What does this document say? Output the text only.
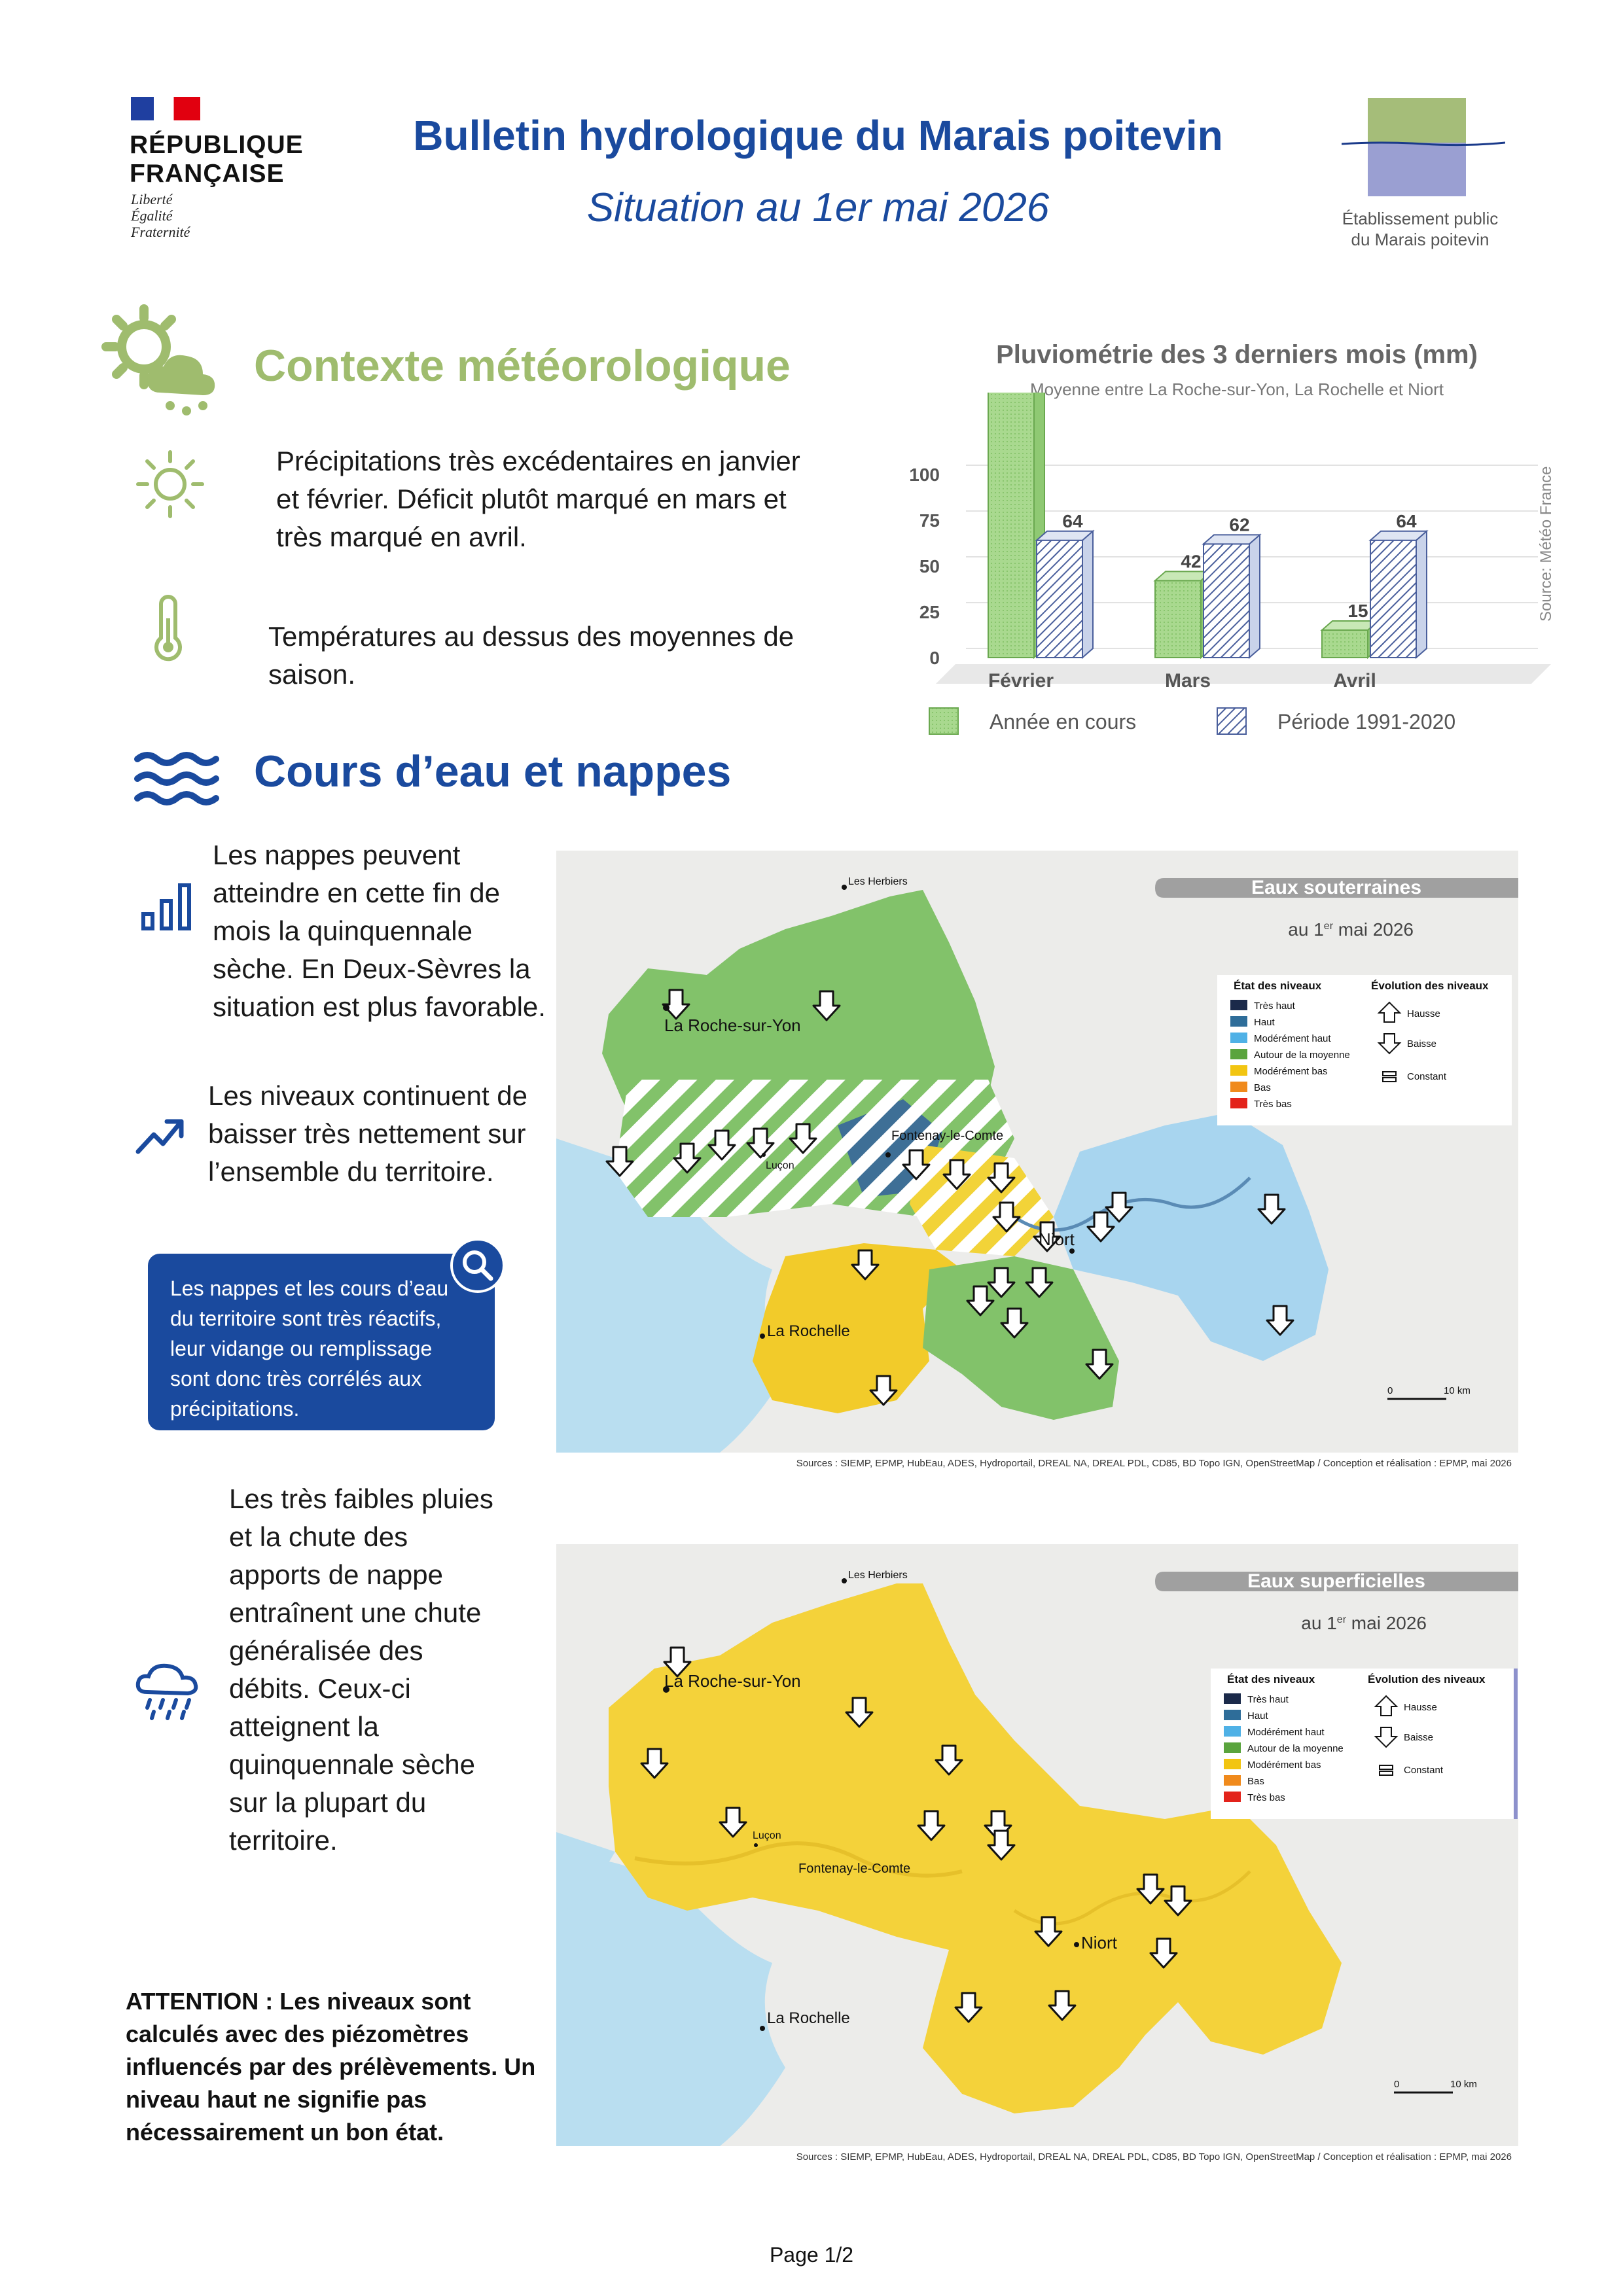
RÉPUBLIQUE
FRANÇAISE
Liberté
Égalité
Fraternité
Bulletin hydrologique du Marais poitevin
Situation au 1er mai 2026	Établissement public
du Marais poitevin
Contexte météorologique
Précipitations très excédentaires en janvier et février. Déficit plutôt marqué en mars et très marqué en avril.
Températures au dessus des moyennes de saison.
Pluviométrie des 3 derniers mois (mm)
Moyenne entre La Roche-sur-Yon, La Rochelle et Niort
64
42
62
15
64
0
25
50
75
100
Février	Mars	Avril
Année en cours	Période 1991-2020
Source: Météo France
Cours d’eau et nappes
Les nappes peuvent atteindre en cette fin de mois la quinquennale sèche. En Deux-Sèvres la situation est plus favorable.
Les niveaux continuent de baisser très nettement sur l’ensemble du territoire.
Les nappes et les cours d’eau du territoire sont très réactifs, leur vidange ou remplissage sont donc très corrélés aux précipitations.
Les très faibles pluies et la chute des apports de nappe entraînent une chute généralisée des débits. Ceux-ci atteignent la quinquennale sèche sur la plupart du territoire.
ATTENTION : Les niveaux sont calculés avec des piézomètres influencés par des prélèvements. Un niveau haut ne signifie pas nécessairement un bon état.
Les Herbiers
La Roche-sur-Yon
Fontenay-le-Comte
Luçon
Niort
La Rochelle
Eaux souterraines
au 1er mai 2026
État des niveaux
Très haut
Haut
Modérément haut
Autour de la moyenne
Modérément bas
Bas
Très bas
Évolution des niveaux
Hausse
Baisse
Constant
0	10 km
Sources : SIEMP, EPMP, HubEau, ADES, Hydroportail, DREAL NA, DREAL PDL, CD85, BD Topo IGN, OpenStreetMap / Conception et réalisation : EPMP, mai 2026
Les Herbiers
La Roche-sur-Yon
Luçon
Fontenay-le-Comte
Niort
La Rochelle
Eaux superficielles
au 1er mai 2026
État des niveaux
Très haut
Haut
Modérément haut
Autour de la moyenne
Modérément bas
Bas
Très bas
Évolution des niveaux
Hausse
Baisse
Constant
0	10 km
Sources : SIEMP, EPMP, HubEau, ADES, Hydroportail, DREAL NA, DREAL PDL, CD85, BD Topo IGN, OpenStreetMap / Conception et réalisation : EPMP, mai 2026
Page 1/2
